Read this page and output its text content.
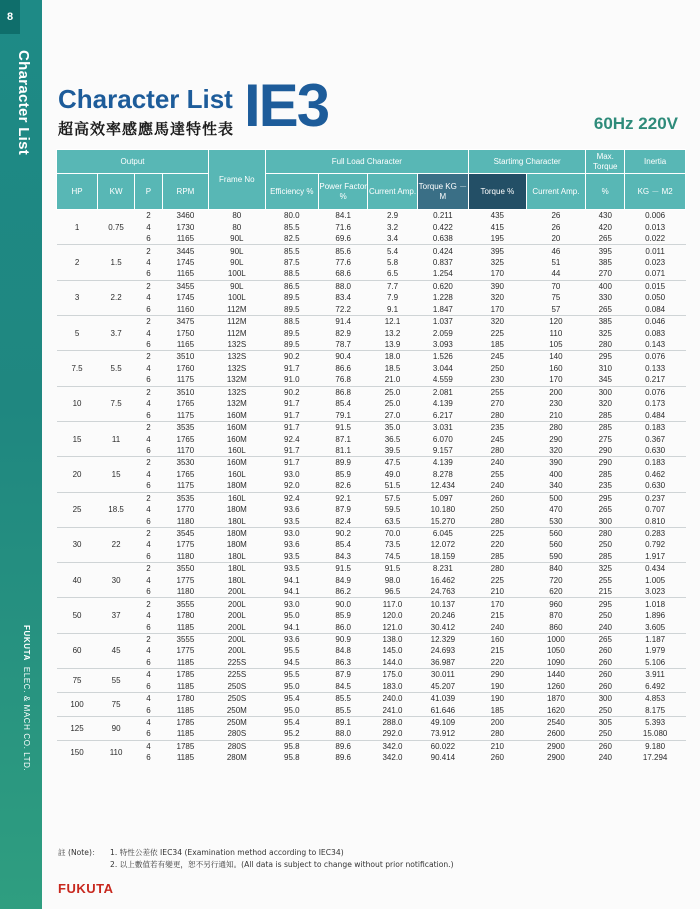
8
Character List
FUKUTAELEC. & MACH CO. LTD.
Character List
超高效率感應馬達特性表 IE3	60Hz 220V
Output				Frame No	Full Load Character				Startimg Character		Max. Torque	Inertia
HP	KW	P	RPM		Efficiency %	Power Factor %	Current Amp.	Torque KG － M	Torque %	Current Amp.	%	KG － M2
1	0.75	2	3460	80	80.0	84.1	2.9	0.211	435	26	430	0.006
		4	1730	80	85.5	71.6	3.2	0.422	415	26	420	0.013
		6	1165	90L	82.5	69.6	3.4	0.638	195	20	265	0.022
2	1.5	2	3445	90L	85.5	85.6	5.4	0.424	395	46	395	0.011
		4	1745	90L	87.5	77.6	5.8	0.837	325	51	385	0.023
		6	1165	100L	88.5	68.6	6.5	1.254	170	44	270	0.071
3	2.2	2	3455	90L	86.5	88.0	7.7	0.620	390	70	400	0.015
		4	1745	100L	89.5	83.4	7.9	1.228	320	75	330	0.050
		6	1160	112M	89.5	72.2	9.1	1.847	170	57	265	0.084
5	3.7	2	3475	112M	88.5	91.4	12.1	1.037	320	120	385	0.046
		4	1750	112M	89.5	82.9	13.2	2.059	225	110	325	0.083
		6	1165	132S	89.5	78.7	13.9	3.093	185	105	280	0.143
7.5	5.5	2	3510	132S	90.2	90.4	18.0	1.526	245	140	295	0.076
		4	1760	132S	91.7	86.6	18.5	3.044	250	160	310	0.133
		6	1175	132M	91.0	76.8	21.0	4.559	230	170	345	0.217
10	7.5	2	3510	132S	90.2	86.8	25.0	2.081	255	200	300	0.076
		4	1765	132M	91.7	85.4	25.0	4.139	270	230	320	0.173
		6	1175	160M	91.7	79.1	27.0	6.217	280	210	285	0.484
15	11	2	3535	160M	91.7	91.5	35.0	3.031	235	280	285	0.183
		4	1765	160M	92.4	87.1	36.5	6.070	245	290	275	0.367
		6	1170	160L	91.7	81.1	39.5	9.157	280	320	290	0.630
20	15	2	3530	160M	91.7	89.9	47.5	4.139	240	390	290	0.183
		4	1765	160L	93.0	85.9	49.0	8.278	255	400	285	0.462
		6	1175	180M	92.0	82.6	51.5	12.434	240	340	235	0.630
25	18.5	2	3535	160L	92.4	92.1	57.5	5.097	260	500	295	0.237
		4	1770	180M	93.6	87.9	59.5	10.180	250	470	265	0.707
		6	1180	180L	93.5	82.4	63.5	15.270	280	530	300	0.810
30	22	2	3545	180M	93.0	90.2	70.0	6.045	225	560	280	0.283
		4	1775	180M	93.6	85.4	73.5	12.072	220	560	250	0.792
		6	1180	180L	93.5	84.3	74.5	18.159	285	590	285	1.917
40	30	2	3550	180L	93.5	91.5	91.5	8.231	280	840	325	0.434
		4	1775	180L	94.1	84.9	98.0	16.462	225	720	255	1.005
		6	1180	200L	94.1	86.2	96.5	24.763	210	620	215	3.023
50	37	2	3555	200L	93.0	90.0	117.0	10.137	170	960	295	1.018
		4	1780	200L	95.0	85.9	120.0	20.246	215	870	250	1.896
		6	1185	200L	94.1	86.0	121.0	30.412	240	860	240	3.605
60	45	2	3555	200L	93.6	90.9	138.0	12.329	160	1000	265	1.187
		4	1775	200L	95.5	84.8	145.0	24.693	215	1050	260	1.979
		6	1185	225S	94.5	86.3	144.0	36.987	220	1090	260	5.106
75	55	4	1785	225S	95.5	87.9	175.0	30.011	290	1440	260	3.911
		6	1185	250S	95.0	84.5	183.0	45.207	190	1260	260	6.492
100	75	4	1780	250S	95.4	85.5	240.0	41.039	190	1870	300	4.853
		6	1185	250M	95.0	85.5	241.0	61.646	185	1620	250	8.175
125	90	4	1785	250M	95.4	89.1	288.0	49.109	200	2540	305	5.393
		6	1185	280S	95.2	88.0	292.0	73.912	280	2600	250	15.080
150	110	4	1785	280S	95.8	89.6	342.0	60.022	210	2900	260	9.180
		6	1185	280M	95.8	89.6	342.0	90.414	260	2900	240	17.294
註 (Note)： 1. 特性公差依 IEC34 (Examination method according to IEC34)
2. 以上數值若有變更，恕不另行通知。(All data is subject to change without prior notification.)
FUKUTA
